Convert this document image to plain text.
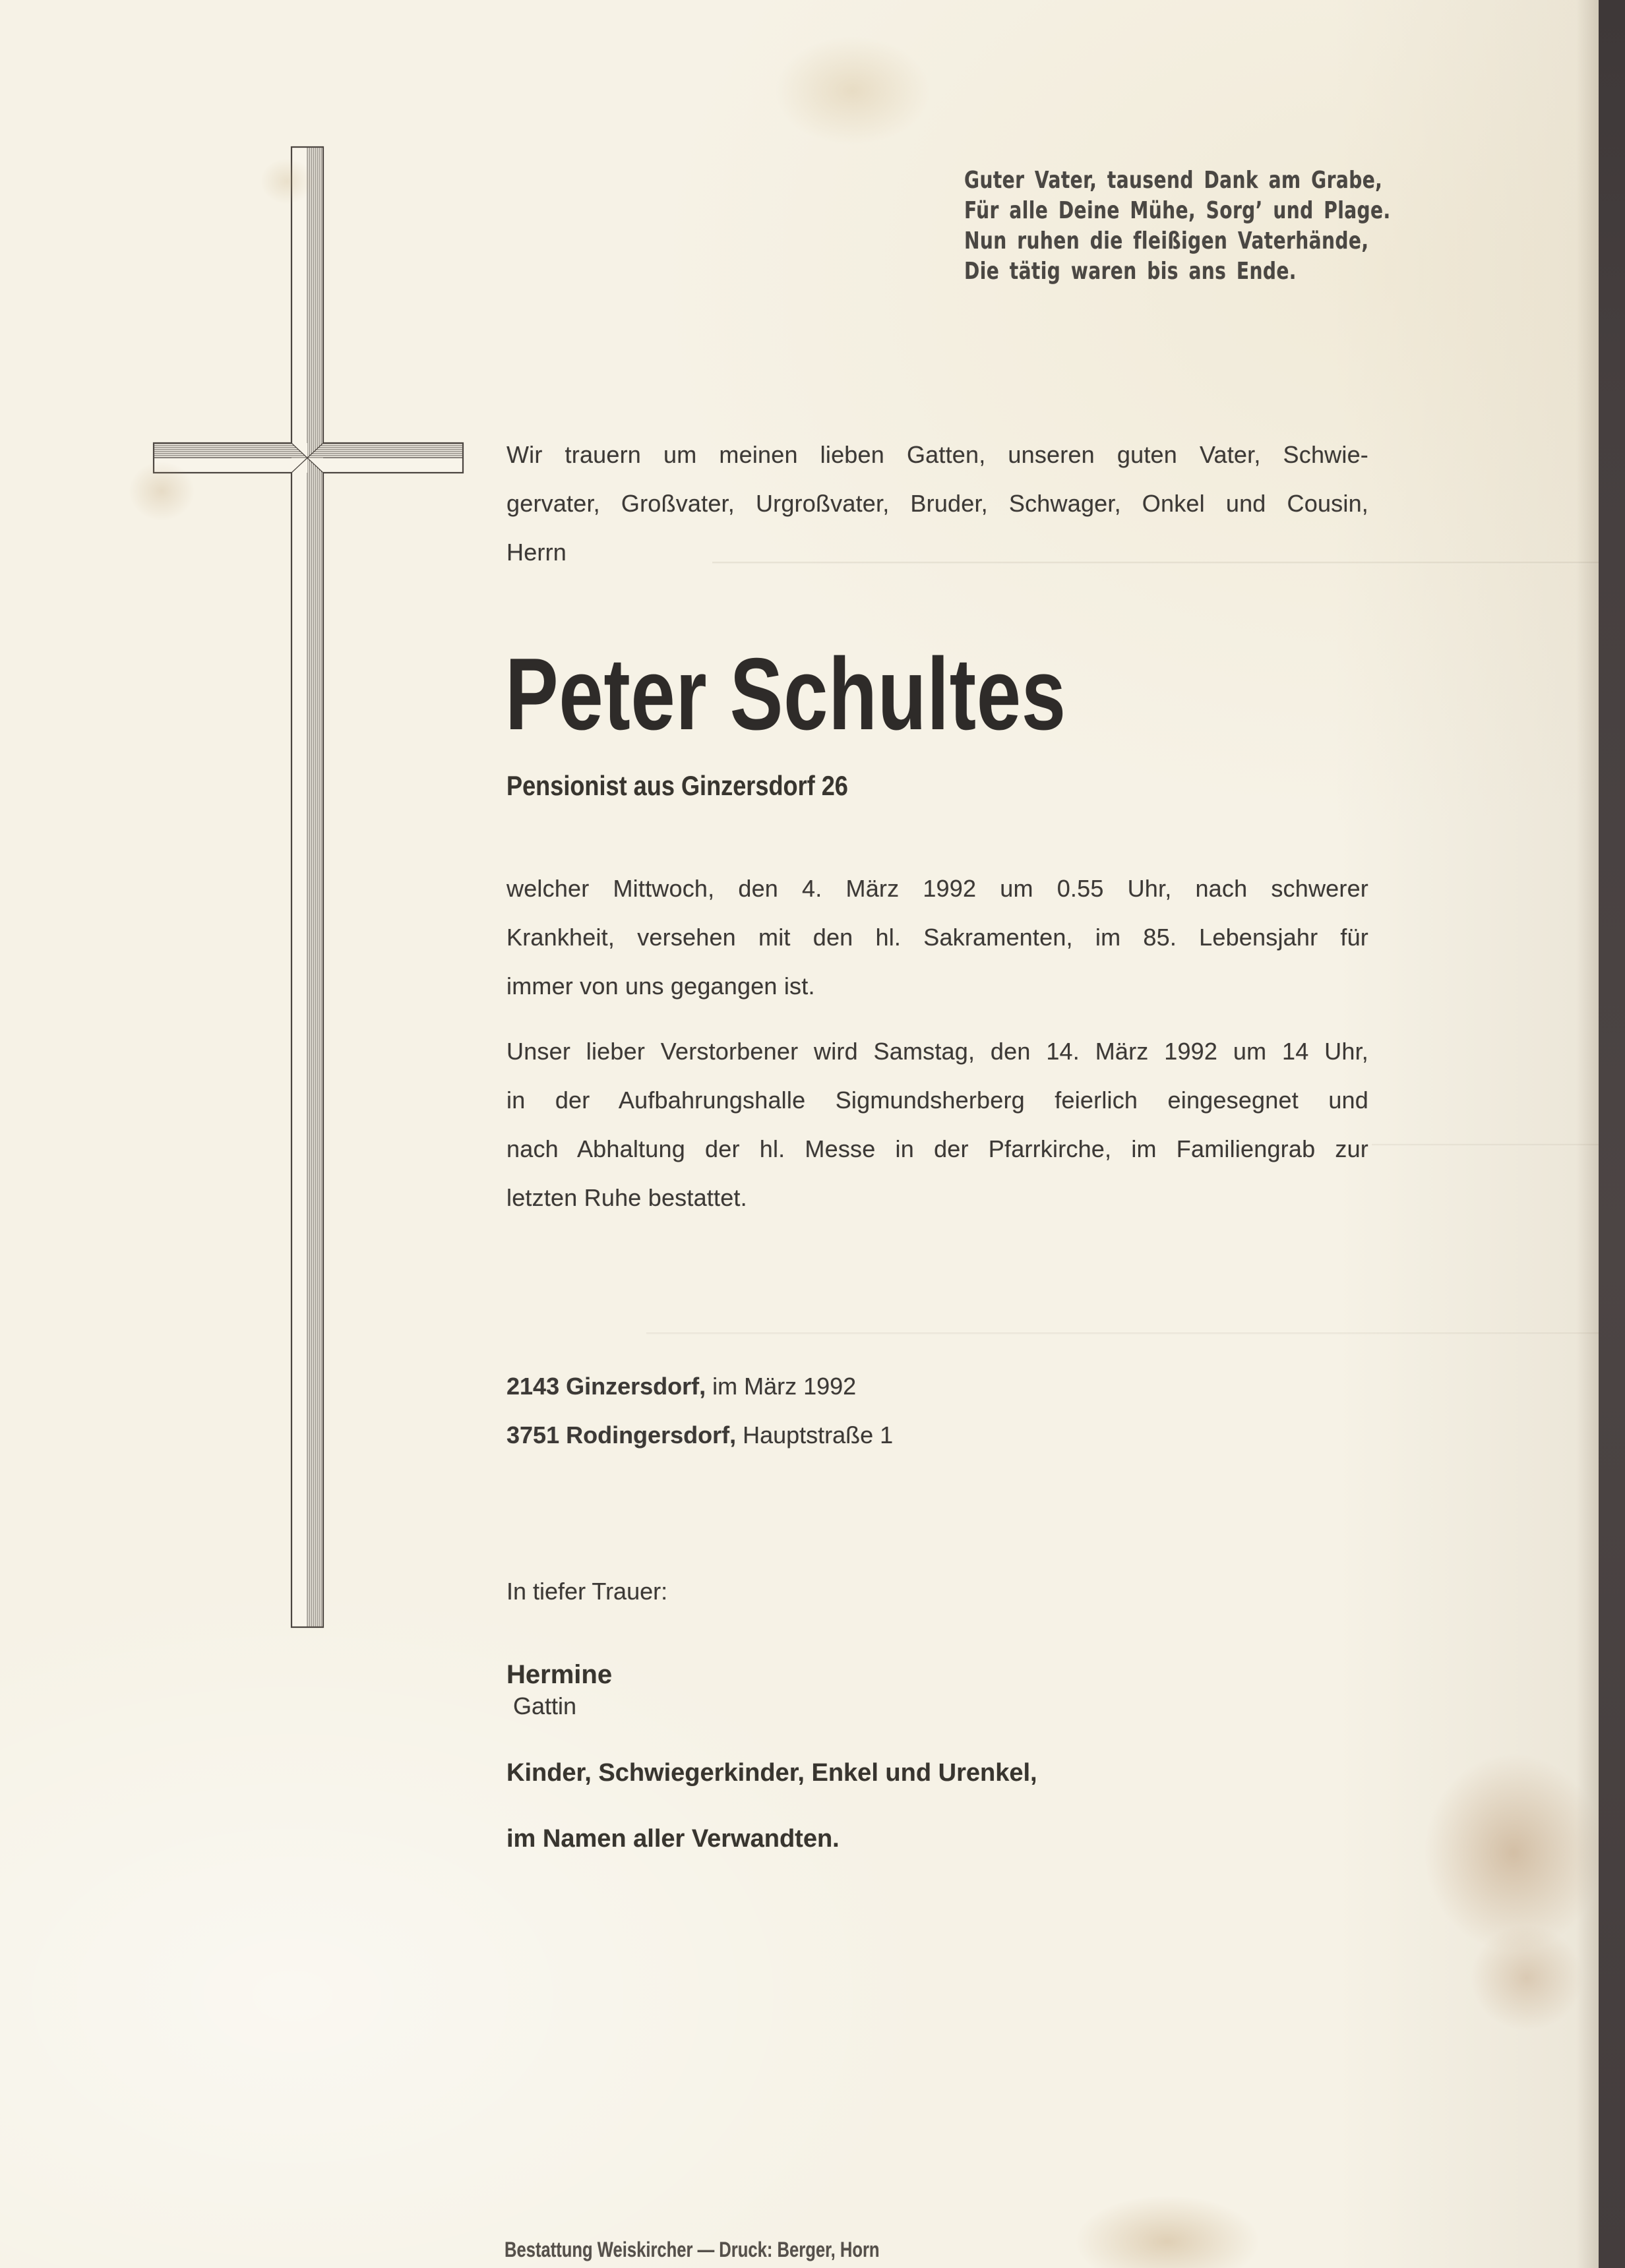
Guter Vater, tausend Dank am Grabe,
Für alle Deine Mühe, Sorg’ und Plage.
Nun ruhen die fleißigen Vaterhände,
Die tätig waren bis ans Ende.
Wir trauern um meinen lieben Gatten, unseren guten Vater, Schwie-
gervater, Großvater, Urgroßvater, Bruder, Schwager, Onkel und Cousin,
Herrn
Peter Schultes
Pensionist aus Ginzersdorf 26
welcher Mittwoch, den 4. März 1992 um 0.55 Uhr, nach schwerer
Krankheit, versehen mit den hl. Sakramenten, im 85. Lebensjahr für
immer von uns gegangen ist.
Unser lieber Verstorbener wird Samstag, den 14. März 1992 um 14 Uhr,
in der Aufbahrungshalle Sigmundsherberg feierlich eingesegnet und
nach Abhaltung der hl. Messe in der Pfarrkirche, im Familiengrab zur
letzten Ruhe bestattet.
2143 Ginzersdorf, im März 1992
3751 Rodingersdorf, Hauptstraße 1
In tiefer Trauer:
Hermine
Gattin
Kinder, Schwiegerkinder, Enkel und Urenkel,
im Namen aller Verwandten.
Bestattung Weiskircher — Druck: Berger, Horn
